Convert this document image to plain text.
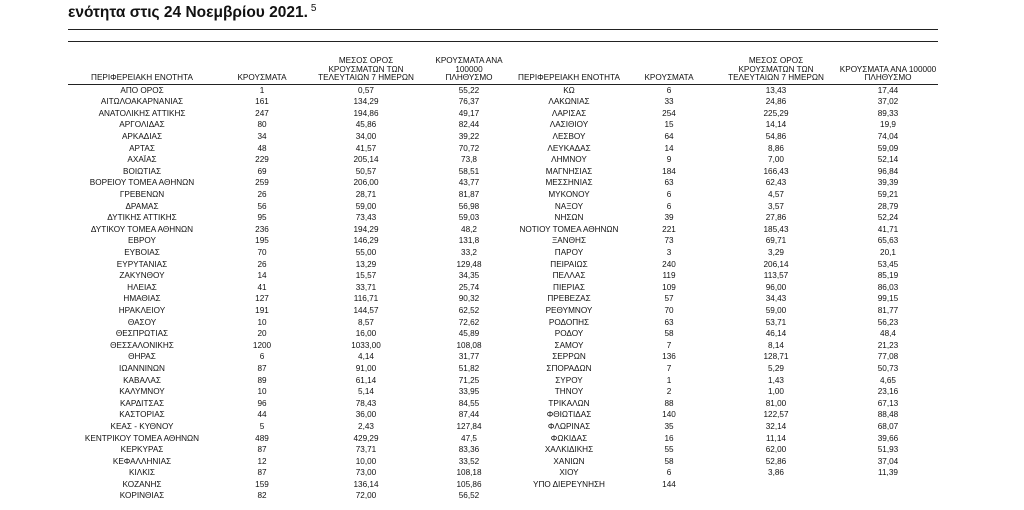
ενότητα στις 24 Νοεμβρίου 2021. $^5$
ΠΕΡΙΦΕΡΕΙΑΚΗ ΕΝΟΤΗΤΑ	ΚΡΟΥΣΜΑΤΑ	ΜΕΣΟΣ ΟΡΟΣ
ΚΡΟΥΣΜΑΤΩΝ ΤΩΝ
ΤΕΛΕΥΤΑΙΩΝ 7 ΗΜΕΡΩΝ	ΚΡΟΥΣΜΑΤΑ ΑΝΑ 100000
ΠΛΗΘΥΣΜΟ	ΠΕΡΙΦΕΡΕΙΑΚΗ ΕΝΟΤΗΤΑ	ΚΡΟΥΣΜΑΤΑ	ΜΕΣΟΣ ΟΡΟΣ
ΚΡΟΥΣΜΑΤΩΝ ΤΩΝ
ΤΕΛΕΥΤΑΙΩΝ 7 ΗΜΕΡΩΝ	ΚΡΟΥΣΜΑΤΑ ΑΝΑ 100000
ΠΛΗΘΥΣΜΟ
ΑΠΟ ΟΡΟΣ	1	0,57	55,22	ΚΩ	6	13,43	17,44
ΑΙΤΩΛΟΑΚΑΡΝΑΝΙΑΣ	161	134,29	76,37	ΛΑΚΩΝΙΑΣ	33	24,86	37,02
ΑΝΑΤΟΛΙΚΗΣ ΑΤΤΙΚΗΣ	247	194,86	49,17	ΛΑΡΙΣΑΣ	254	225,29	89,33
ΑΡΓΟΛΙΔΑΣ	80	45,86	82,44	ΛΑΣΙΘΙΟΥ	15	14,14	19,9
ΑΡΚΑΔΙΑΣ	34	34,00	39,22	ΛΕΣΒΟΥ	64	54,86	74,04
ΑΡΤΑΣ	48	41,57	70,72	ΛΕΥΚΑΔΑΣ	14	8,86	59,09
ΑΧΑΪΑΣ	229	205,14	73,8	ΛΗΜΝΟΥ	9	7,00	52,14
ΒΟΙΩΤΙΑΣ	69	50,57	58,51	ΜΑΓΝΗΣΙΑΣ	184	166,43	96,84
ΒΟΡΕΙΟΥ ΤΟΜΕΑ ΑΘΗΝΩΝ	259	206,00	43,77	ΜΕΣΣΗΝΙΑΣ	63	62,43	39,39
ΓΡΕΒΕΝΩΝ	26	28,71	81,87	ΜΥΚΟΝΟΥ	6	4,57	59,21
ΔΡΑΜΑΣ	56	59,00	56,98	ΝΑΞΟΥ	6	3,57	28,79
ΔΥΤΙΚΗΣ ΑΤΤΙΚΗΣ	95	73,43	59,03	ΝΗΣΩΝ	39	27,86	52,24
ΔΥΤΙΚΟΥ ΤΟΜΕΑ ΑΘΗΝΩΝ	236	194,29	48,2	ΝΟΤΙΟΥ ΤΟΜΕΑ ΑΘΗΝΩΝ	221	185,43	41,71
ΕΒΡΟΥ	195	146,29	131,8	ΞΑΝΘΗΣ	73	69,71	65,63
ΕΥΒΟΙΑΣ	70	55,00	33,2	ΠΑΡΟΥ	3	3,29	20,1
ΕΥΡΥΤΑΝΙΑΣ	26	13,29	129,48	ΠΕΙΡΑΙΩΣ	240	206,14	53,45
ΖΑΚΥΝΘΟΥ	14	15,57	34,35	ΠΕΛΛΑΣ	119	113,57	85,19
ΗΛΕΙΑΣ	41	33,71	25,74	ΠΙΕΡΙΑΣ	109	96,00	86,03
ΗΜΑΘΙΑΣ	127	116,71	90,32	ΠΡΕΒΕΖΑΣ	57	34,43	99,15
ΗΡΑΚΛΕΙΟΥ	191	144,57	62,52	ΡΕΘΥΜΝΟΥ	70	59,00	81,77
ΘΑΣΟΥ	10	8,57	72,62	ΡΟΔΟΠΗΣ	63	53,71	56,23
ΘΕΣΠΡΩΤΙΑΣ	20	16,00	45,89	ΡΟΔΟΥ	58	46,14	48,4
ΘΕΣΣΑΛΟΝΙΚΗΣ	1200	1033,00	108,08	ΣΑΜΟΥ	7	8,14	21,23
ΘΗΡΑΣ	6	4,14	31,77	ΣΕΡΡΩΝ	136	128,71	77,08
ΙΩΑΝΝΙΝΩΝ	87	91,00	51,82	ΣΠΟΡΑΔΩΝ	7	5,29	50,73
ΚΑΒΑΛΑΣ	89	61,14	71,25	ΣΥΡΟΥ	1	1,43	4,65
ΚΑΛΥΜΝΟΥ	10	5,14	33,95	ΤΗΝΟΥ	2	1,00	23,16
ΚΑΡΔΙΤΣΑΣ	96	78,43	84,55	ΤΡΙΚΑΛΩΝ	88	81,00	67,13
ΚΑΣΤΟΡΙΑΣ	44	36,00	87,44	ΦΘΙΩΤΙΔΑΣ	140	122,57	88,48
ΚΕΑΣ - ΚΥΘΝΟΥ	5	2,43	127,84	ΦΛΩΡΙΝΑΣ	35	32,14	68,07
ΚΕΝΤΡΙΚΟΥ ΤΟΜΕΑ ΑΘΗΝΩΝ	489	429,29	47,5	ΦΩΚΙΔΑΣ	16	11,14	39,66
ΚΕΡΚΥΡΑΣ	87	73,71	83,36	ΧΑΛΚΙΔΙΚΗΣ	55	62,00	51,93
ΚΕΦΑΛΛΗΝΙΑΣ	12	10,00	33,52	ΧΑΝΙΩΝ	58	52,86	37,04
ΚΙΛΚΙΣ	87	73,00	108,18	ΧΙΟΥ	6	3,86	11,39
ΚΟΖΑΝΗΣ	159	136,14	105,86	ΥΠΟ ΔΙΕΡΕΥΝΗΣΗ	144		
ΚΟΡΙΝΘΙΑΣ	82	72,00	56,52				
